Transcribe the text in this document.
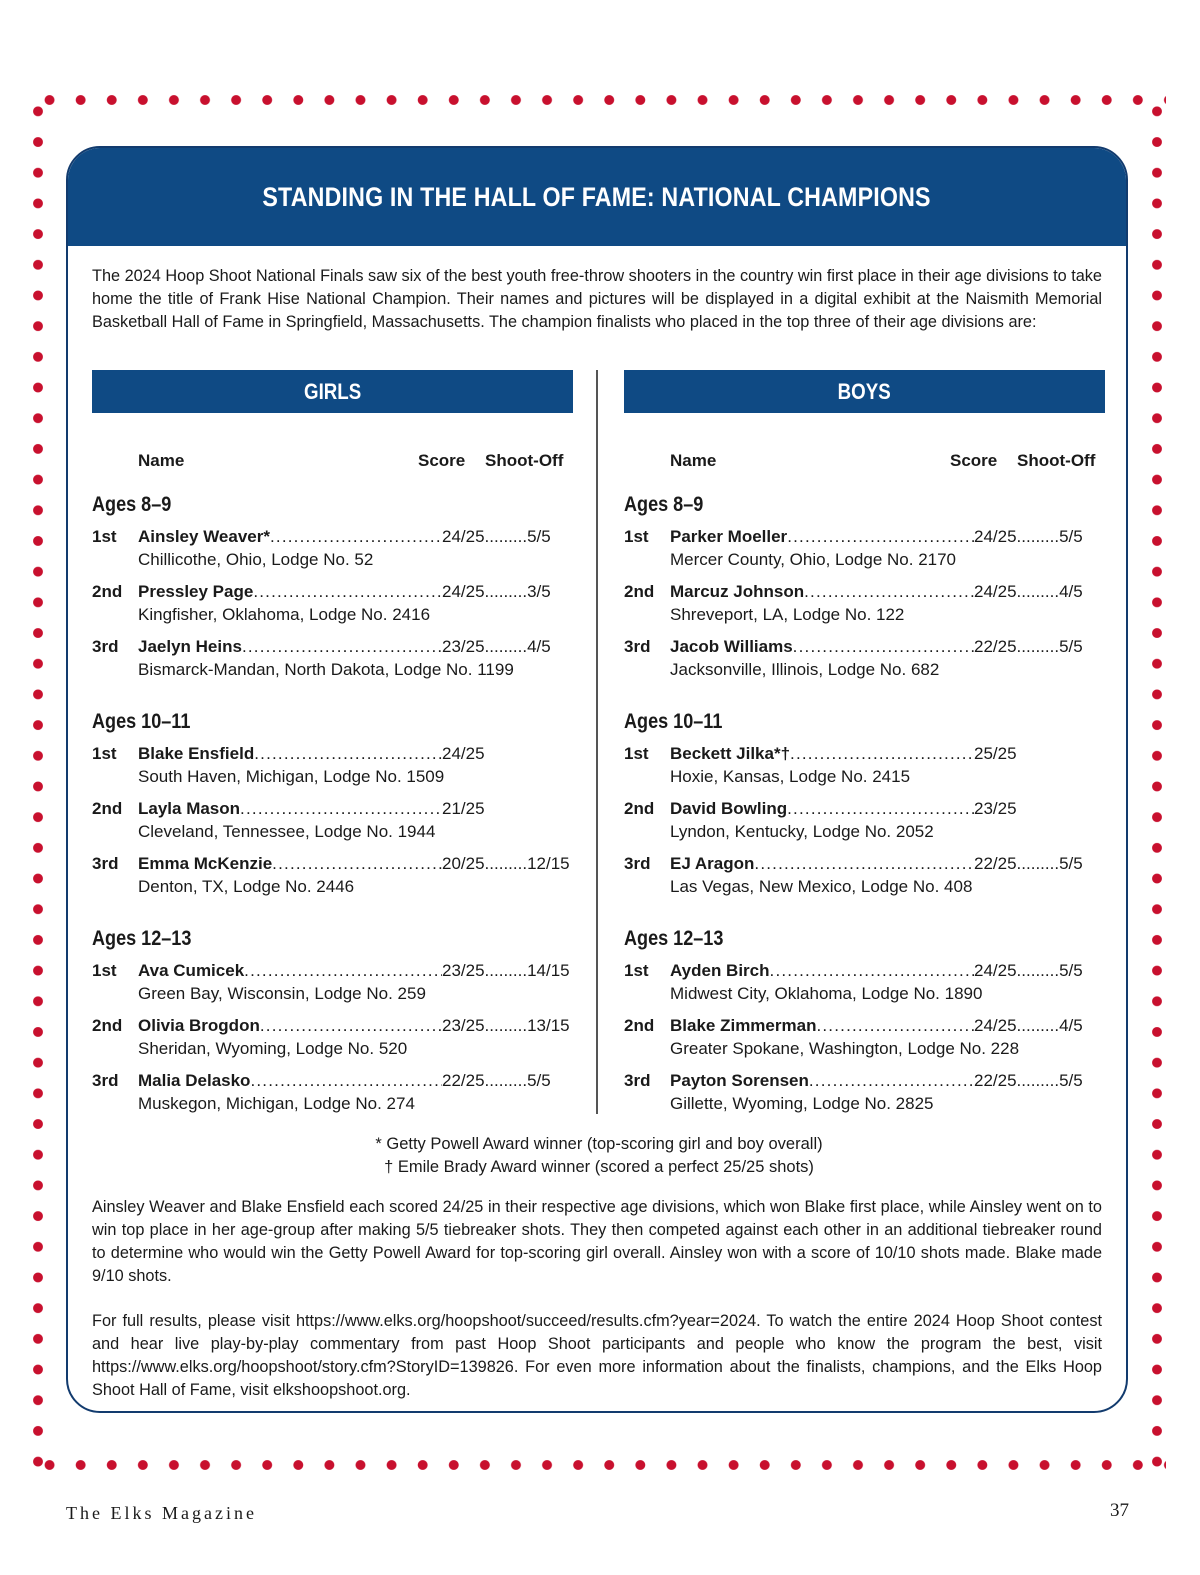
STANDING IN THE HALL OF FAME: NATIONAL CHAMPIONS
The 2024 Hoop Shoot National Finals saw six of the best youth free-throw shooters in the country win first place in their age divisions to take home the title of Frank Hise National Champion. Their names and pictures will be displayed in a digital exhibit at the Naismith Memorial Basketball Hall of Fame in Springfield, Massachusetts. The champion finalists who placed in the top three of their age divisions are:
GIRLS
Name	Score Shoot-Off
Ages 8–9
1st Ainsley Weaver* .....	24/25.........5/5
Chillicothe, Ohio, Lodge No. 52
2nd Pressley Page .....	24/25.........3/5
Kingfisher, Oklahoma, Lodge No. 2416
3rd Jaelyn Heins .....	23/25.........4/5
Bismarck-Mandan, North Dakota, Lodge No. 1199
Ages 10–11
1st Blake Ensfield .....	24/25
South Haven, Michigan, Lodge No. 1509
2nd Layla Mason .....	21/25
Cleveland, Tennessee, Lodge No. 1944
3rd Emma McKenzie .....	20/25.........12/15
Denton, TX, Lodge No. 2446
Ages 12–13
1st Ava Cumicek .....	23/25.........14/15
Green Bay, Wisconsin, Lodge No. 259
2nd Olivia Brogdon .....	23/25.........13/15
Sheridan, Wyoming, Lodge No. 520
3rd Malia Delasko .....	22/25.........5/5
Muskegon, Michigan, Lodge No. 274
BOYS
Name	Score Shoot-Off
Ages 8–9
1st Parker Moeller .....	24/25.........5/5
Mercer County, Ohio, Lodge No. 2170
2nd Marcuz Johnson .....	24/25.........4/5
Shreveport, LA, Lodge No. 122
3rd Jacob Williams .....	22/25.........5/5
Jacksonville, Illinois, Lodge No. 682
Ages 10–11
1st Beckett Jilka*† .....	25/25
Hoxie, Kansas, Lodge No. 2415
2nd David Bowling .....	23/25
Lyndon, Kentucky, Lodge No. 2052
3rd EJ Aragon .....	22/25.........5/5
Las Vegas, New Mexico, Lodge No. 408
Ages 12–13
1st Ayden Birch .....	24/25.........5/5
Midwest City, Oklahoma, Lodge No. 1890
2nd Blake Zimmerman .....	24/25.........4/5
Greater Spokane, Washington, Lodge No. 228
3rd Payton Sorensen .....	22/25.........5/5
Gillette, Wyoming, Lodge No. 2825
* Getty Powell Award winner (top-scoring girl and boy overall)
† Emile Brady Award winner (scored a perfect 25/25 shots)
Ainsley Weaver and Blake Ensfield each scored 24/25 in their respective age divisions, which won Blake first place, while Ainsley went on to win top place in her age-group after making 5/5 tiebreaker shots. They then competed against each other in an additional tiebreaker round to determine who would win the Getty Powell Award for top-scoring girl overall. Ainsley won with a score of 10/10 shots made. Blake made 9/10 shots.
For full results, please visit https://www.elks.org/hoopshoot/succeed/results.cfm?year=2024. To watch the entire 2024 Hoop Shoot contest and hear live play-by-play commentary from past Hoop Shoot participants and people who know the program the best, visit https://www.elks.org/hoopshoot/story.cfm?StoryID=139826. For even more information about the finalists, champions, and the Elks Hoop Shoot Hall of Fame, visit elkshoopshoot.org.
The Elks Magazine	37
